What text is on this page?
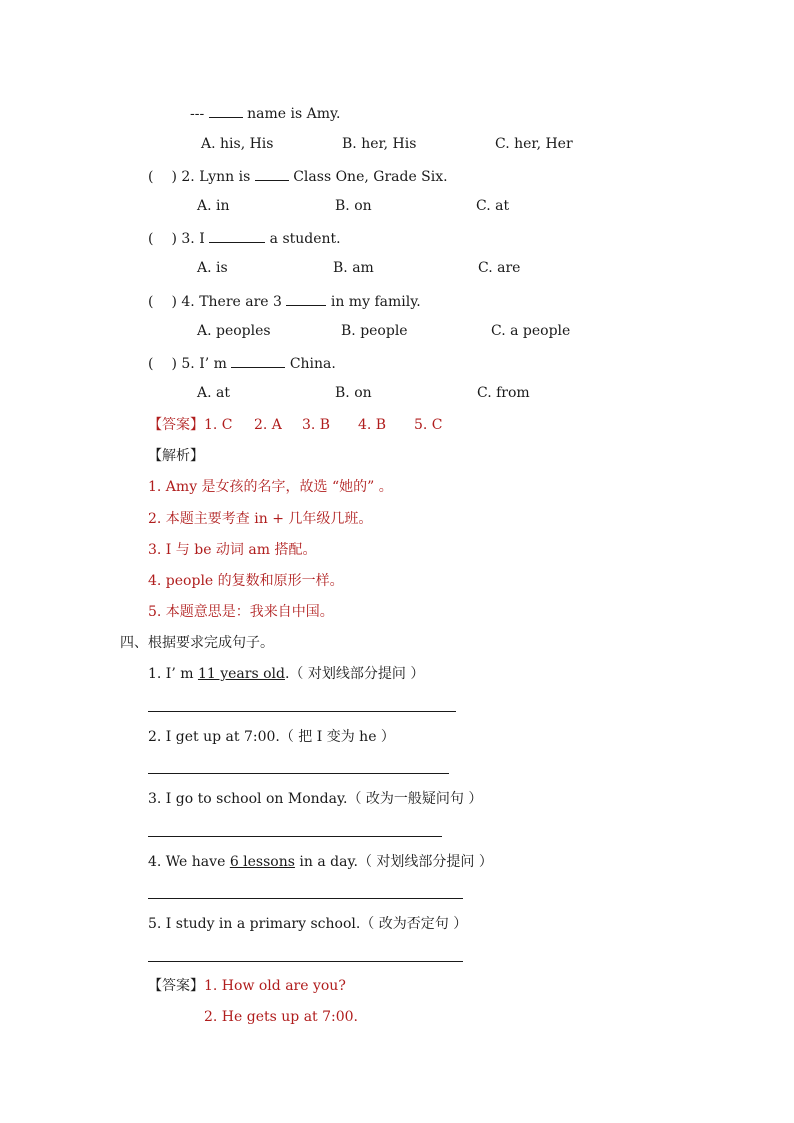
---	name is Amy.
A. his, His	B. her, His	C. her, Her
( ) 2. Lynn is	Class One, Grade Six.
A. in	B. on	C. at
( ) 3. I	a student.
A. is	B. am	C. are
( ) 4. There are 3	in my family.
A. peoples	B. people	C. a people
( ) 5. I’ m	China.
A. at	B. on	C. from
【答案】1. C 2. A 3. B 4. B 5. C
【解析】
1. Amy 是女孩的名字，故选 “她的” 。
2. 本题主要考查 in + 几年级几班。
3. I 与 be 动词 am 搭配。
4. people 的复数和原形一样。
5. 本题意思是：我来自中国。
四、根据要求完成句子。
1. I’ m 11 years old.（ 对划线部分提问 ）
2. I get up at 7:00.（ 把 I 变为 he ）
3. I go to school on Monday.（ 改为一般疑问句 ）
4. We have 6 lessons in a day.（ 对划线部分提问 ）
5. I study in a primary school.（ 改为否定句 ）
【答案】1. How old are you?
2. He gets up at 7:00.
